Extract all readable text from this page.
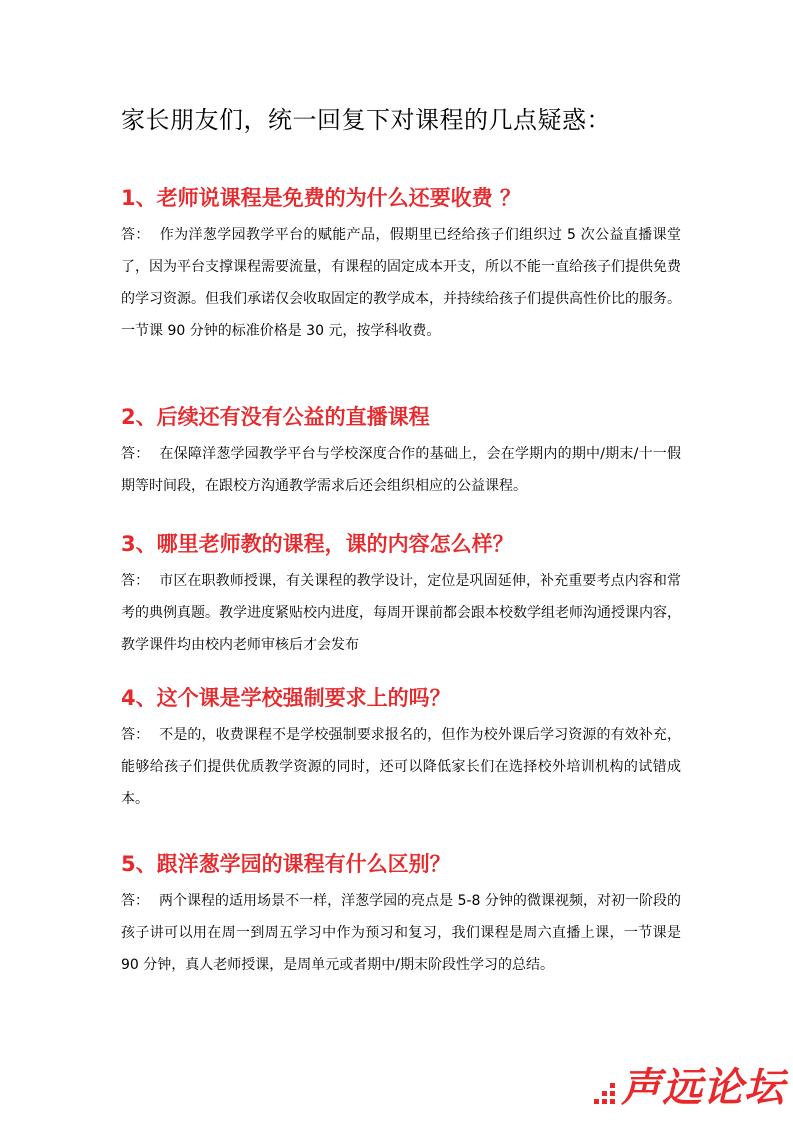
家长朋友们，统一回复下对课程的几点疑惑：
1、老师说课程是免费的为什么还要收费 ？

答： 作为洋葱学园教学平台的赋能产品，假期里已经给孩子们组织过 5 次公益直播课堂了，因为平台支撑课程需要流量，有课程的固定成本开支，所以不能一直给孩子们提供免费的学习资源。但我们承诺仅会收取固定的教学成本，并持续给孩子们提供高性价比的服务。一节课 90 分钟的标准价格是 30 元，按学科收费。

2、后续还有没有公益的直播课程

答： 在保障洋葱学园教学平台与学校深度合作的基础上，会在学期内的期中/期末/十一假期等时间段，在跟校方沟通教学需求后还会组织相应的公益课程。

3、哪里老师教的课程，课的内容怎么样？

答： 市区在职教师授课，有关课程的教学设计，定位是巩固延伸，补充重要考点内容和常考的典例真题。教学进度紧贴校内进度，每周开课前都会跟本校数学组老师沟通授课内容，教学课件均由校内老师审核后才会发布

4、这个课是学校强制要求上的吗？

答： 不是的，收费课程不是学校强制要求报名的，但作为校外课后学习资源的有效补充，能够给孩子们提供优质教学资源的同时，还可以降低家长们在选择校外培训机构的试错成本。

5、跟洋葱学园的课程有什么区别？

答： 两个课程的适用场景不一样，洋葱学园的亮点是 5-8 分钟的微课视频，对初一阶段的孩子讲可以用在周一到周五学习中作为预习和复习，我们课程是周六直播上课，一节课是 90 分钟，真人老师授课，是周单元或者期中/期末阶段性学习的总结。

声远论坛
